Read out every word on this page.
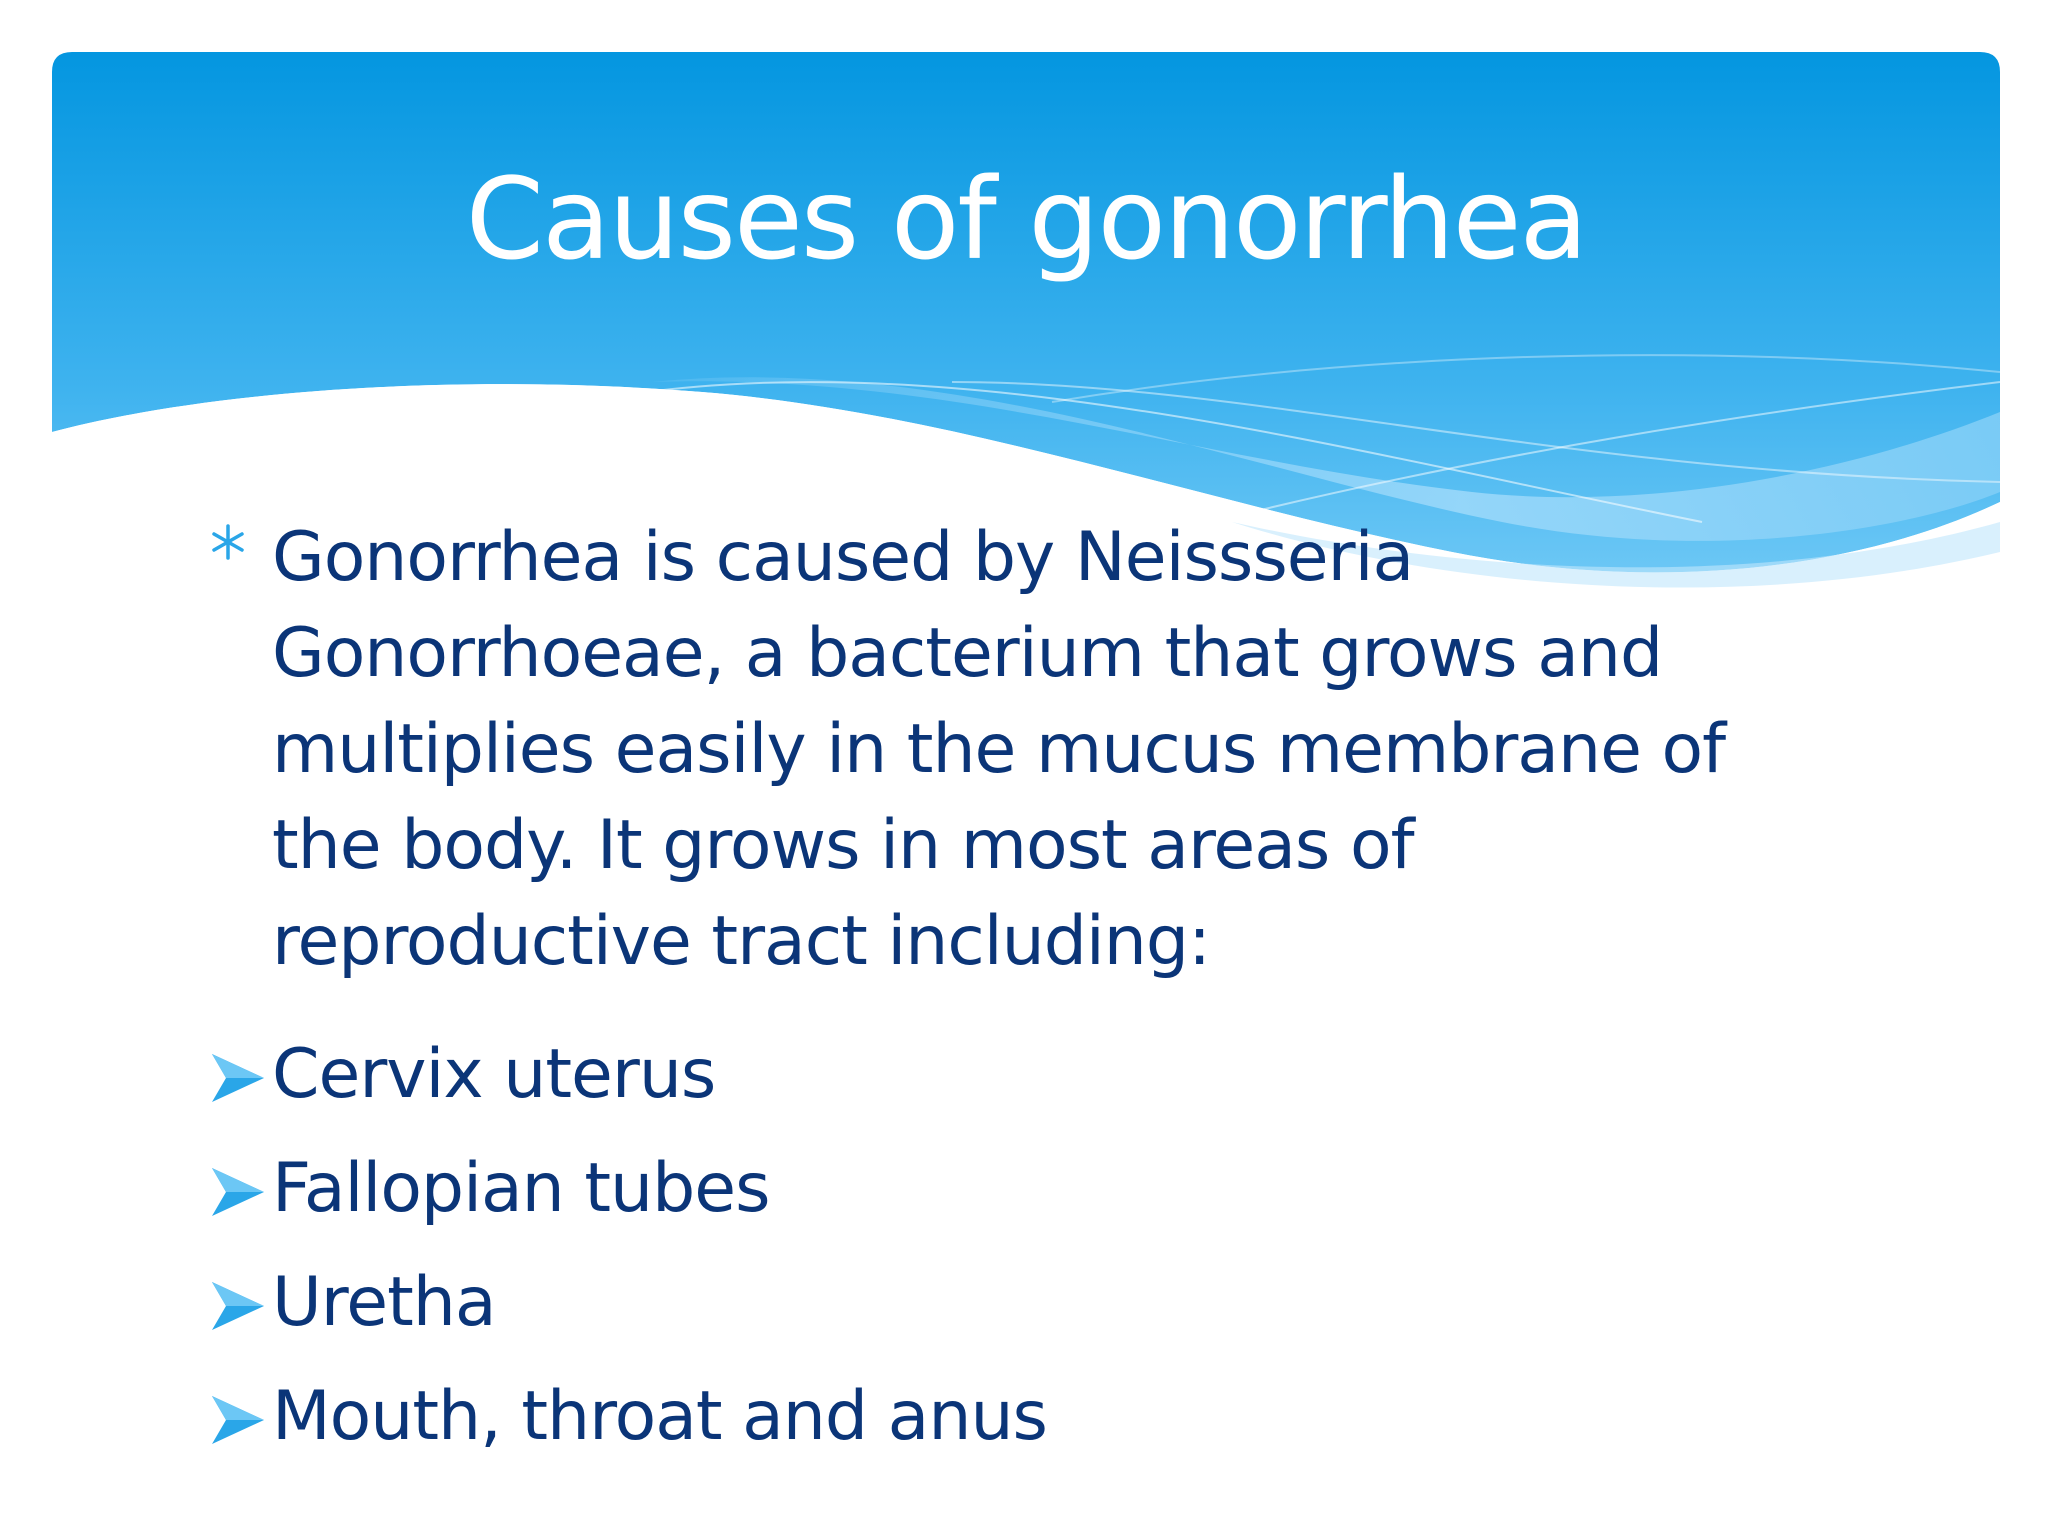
Causes of gonorrhea

Gonorrhea is caused by Neissseria Gonorrhoeae, a bacterium that grows and multiplies easily in the mucus membrane of the body. It grows in most areas of reproductive tract including:

Cervix uterus
Fallopian tubes
Uretha
Mouth, throat and anus
